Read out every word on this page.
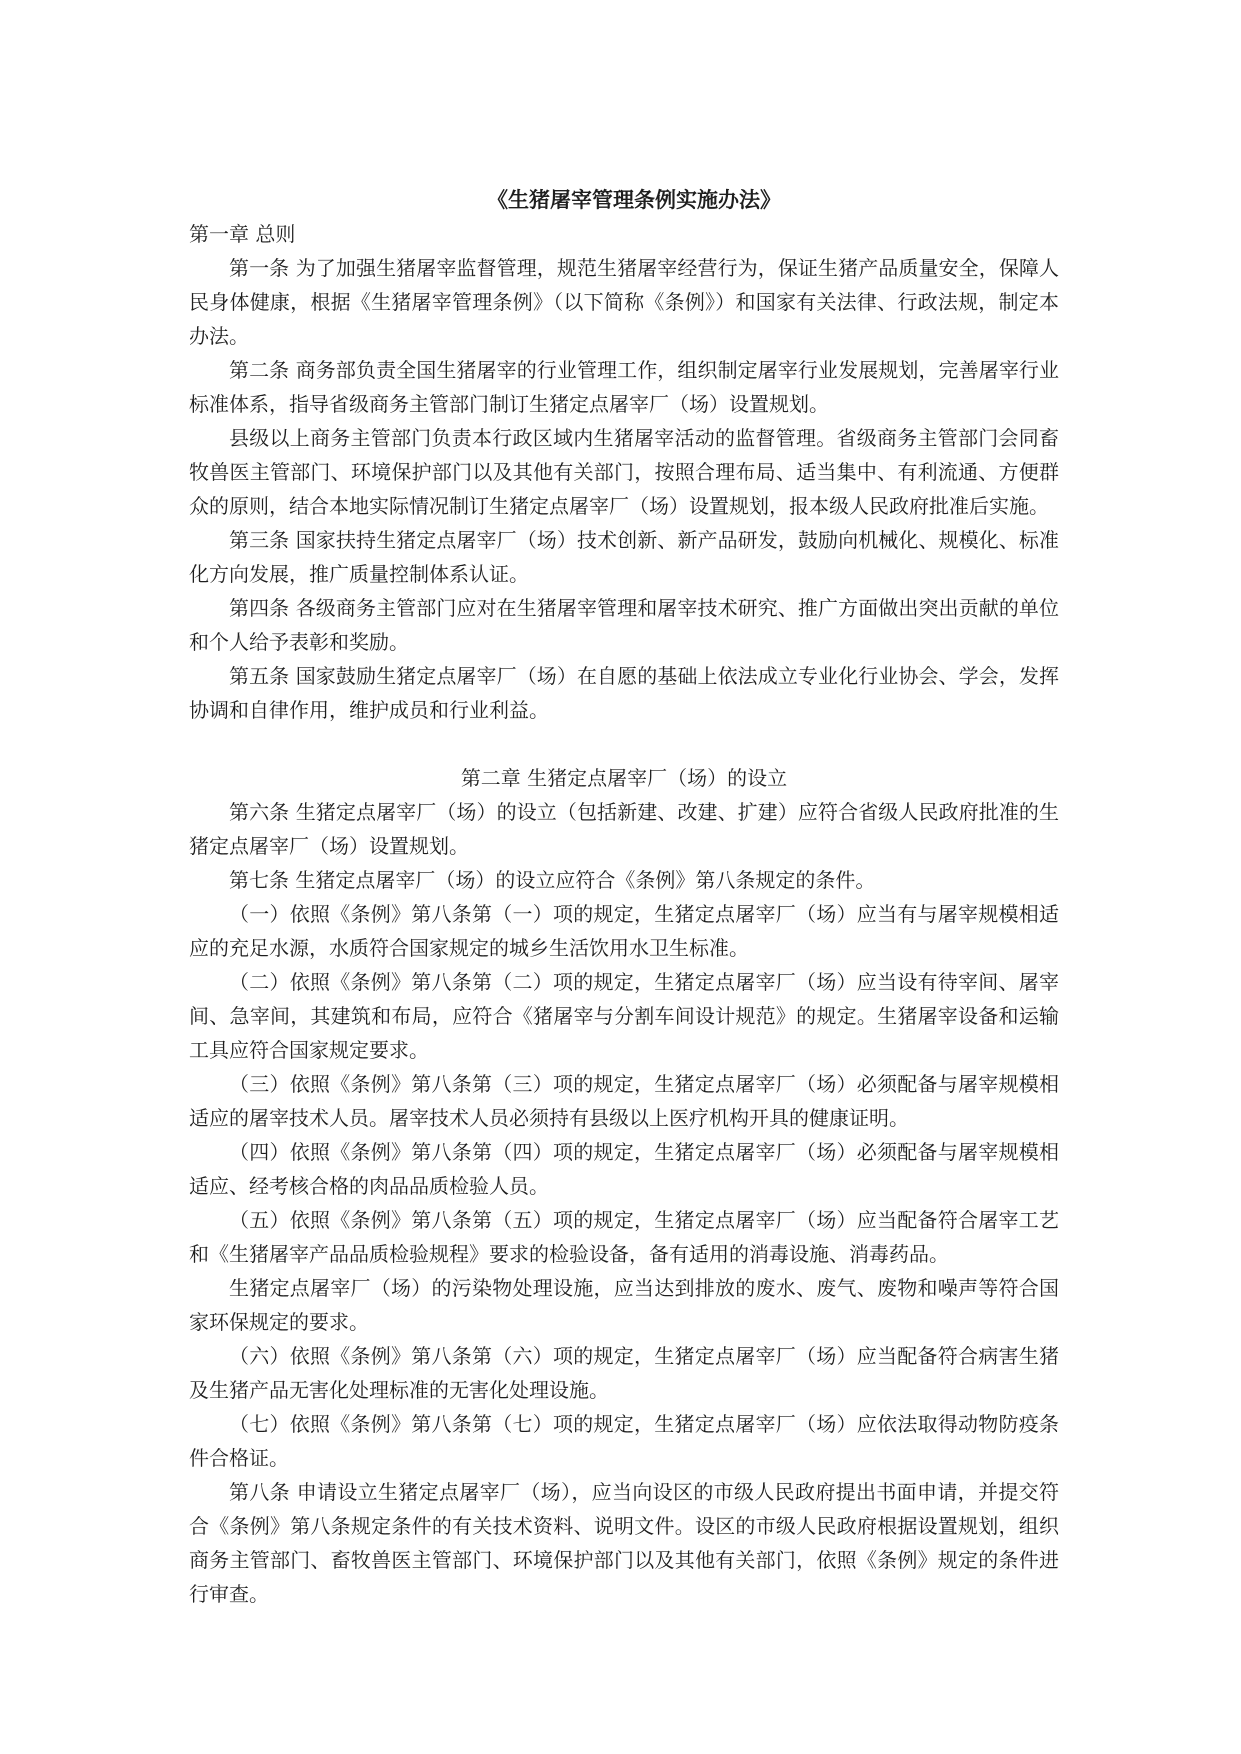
《生猪屠宰管理条例实施办法》

第一章 总则

第一条 为了加强生猪屠宰监督管理，规范生猪屠宰经营行为，保证生猪产品质量安全，保障人民身体健康，根据《生猪屠宰管理条例》（以下简称《条例》）和国家有关法律、行政法规，制定本办法。

第二条 商务部负责全国生猪屠宰的行业管理工作，组织制定屠宰行业发展规划，完善屠宰行业标准体系，指导省级商务主管部门制订生猪定点屠宰厂（场）设置规划。

县级以上商务主管部门负责本行政区域内生猪屠宰活动的监督管理。省级商务主管部门会同畜牧兽医主管部门、环境保护部门以及其他有关部门，按照合理布局、适当集中、有利流通、方便群众的原则，结合本地实际情况制订生猪定点屠宰厂（场）设置规划，报本级人民政府批准后实施。

第三条 国家扶持生猪定点屠宰厂（场）技术创新、新产品研发，鼓励向机械化、规模化、标准化方向发展，推广质量控制体系认证。

第四条 各级商务主管部门应对在生猪屠宰管理和屠宰技术研究、推广方面做出突出贡献的单位和个人给予表彰和奖励。

第五条 国家鼓励生猪定点屠宰厂（场）在自愿的基础上依法成立专业化行业协会、学会，发挥协调和自律作用，维护成员和行业利益。

第二章 生猪定点屠宰厂（场）的设立

第六条 生猪定点屠宰厂（场）的设立（包括新建、改建、扩建）应符合省级人民政府批准的生猪定点屠宰厂（场）设置规划。

第七条 生猪定点屠宰厂（场）的设立应符合《条例》第八条规定的条件。

（一）依照《条例》第八条第（一）项的规定，生猪定点屠宰厂（场）应当有与屠宰规模相适应的充足水源，水质符合国家规定的城乡生活饮用水卫生标准。

（二）依照《条例》第八条第（二）项的规定，生猪定点屠宰厂（场）应当设有待宰间、屠宰间、急宰间，其建筑和布局，应符合《猪屠宰与分割车间设计规范》的规定。生猪屠宰设备和运输工具应符合国家规定要求。

（三）依照《条例》第八条第（三）项的规定，生猪定点屠宰厂（场）必须配备与屠宰规模相适应的屠宰技术人员。屠宰技术人员必须持有县级以上医疗机构开具的健康证明。

（四）依照《条例》第八条第（四）项的规定，生猪定点屠宰厂（场）必须配备与屠宰规模相适应、经考核合格的肉品品质检验人员。

（五）依照《条例》第八条第（五）项的规定，生猪定点屠宰厂（场）应当配备符合屠宰工艺和《生猪屠宰产品品质检验规程》要求的检验设备，备有适用的消毒设施、消毒药品。

生猪定点屠宰厂（场）的污染物处理设施，应当达到排放的废水、废气、废物和噪声等符合国家环保规定的要求。

（六）依照《条例》第八条第（六）项的规定，生猪定点屠宰厂（场）应当配备符合病害生猪及生猪产品无害化处理标准的无害化处理设施。

（七）依照《条例》第八条第（七）项的规定，生猪定点屠宰厂（场）应依法取得动物防疫条件合格证。

第八条 申请设立生猪定点屠宰厂（场），应当向设区的市级人民政府提出书面申请，并提交符合《条例》第八条规定条件的有关技术资料、说明文件。设区的市级人民政府根据设置规划，组织商务主管部门、畜牧兽医主管部门、环境保护部门以及其他有关部门，依照《条例》规定的条件进行审查。
